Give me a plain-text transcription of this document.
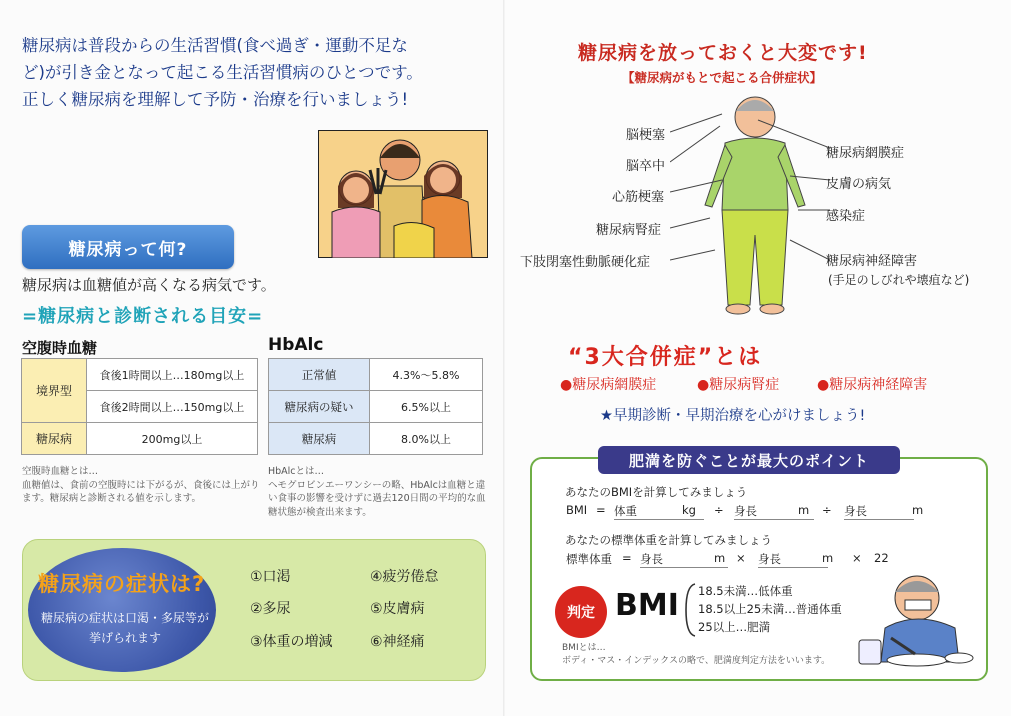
糖尿病は普段からの生活習慣(食べ過ぎ・運動不足な
ど)が引き金となって起こる生活習慣病のひとつです。
正しく糖尿病を理解して予防・治療を行いましょう!
糖尿病って何?
糖尿病は血糖値が高くなる病気です。
=糖尿病と診断される目安=
空腹時血糖	HbAlc
境界型	食後1時間以上…180mg以上
	食後2時間以上…150mg以上
糖尿病	200mg以上
正常値	4.3%〜5.8%
糖尿病の疑い	6.5%以上
糖尿病	8.0%以上
空腹時血糖とは…
血糖値は、食前の空腹時には下がるが、食後には上がります。糖尿病と診断される値を示します。
HbAlcとは…
ヘモグロビンエーワンシーの略、HbAlcは血糖と違い食事の影響を受けずに過去120日間の平均的な血糖状態が検査出来ます。
糖尿病の症状は?
糖尿病の症状は口渇・多尿等が挙げられます
①口渇
②多尿
③体重の増減
④疲労倦怠
⑤皮膚病
⑥神経痛
糖尿病を放っておくと大変です!
【糖尿病がもとで起こる合併症状】
脳梗塞
脳卒中
心筋梗塞
糖尿病腎症
下肢閉塞性動脈硬化症
糖尿病網膜症
皮膚の病気
感染症
糖尿病神経障害
(手足のしびれや壊疽など)
“3大合併症”とは
●糖尿病網膜症	●糖尿病腎症	●糖尿病神経障害
★早期診断・早期治療を心がけましょう!
肥満を防ぐことが最大のポイント
あなたのBMIを計算してみましょう
BMI = 体重	kg ÷ 身長	m ÷ 身長	m
あなたの標準体重を計算してみましょう
標準体重 = 身長	m × 身長	m × 22
判定 BMI 18.5未満…低体重
18.5以上25未満…普通体重
25以上…肥満
BMIとは…
ボディ・マス・インデックスの略で、肥満度判定方法をいいます。
